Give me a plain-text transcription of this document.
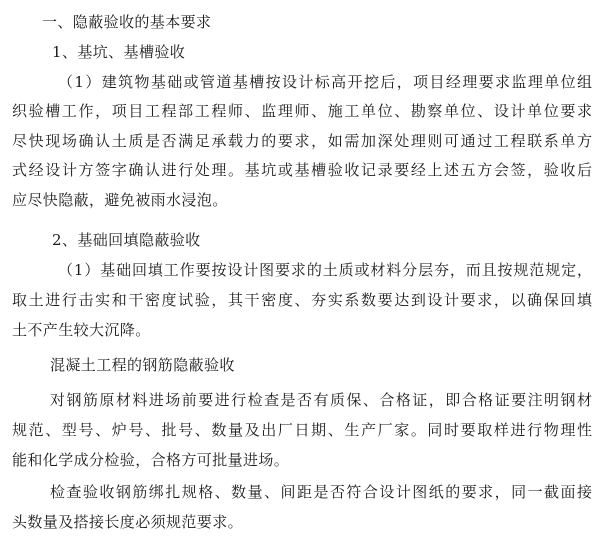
一、隐蔽验收的基本要求
1、基坑、基槽验收
（1）建筑物基础或管道基槽按设计标高开挖后，项目经理要求监理单位组
织验槽工作，项目工程部工程师、监理师、施工单位、勘察单位、设计单位要求
尽快现场确认土质是否满足承载力的要求，如需加深处理则可通过工程联系单方
式经设计方签字确认进行处理。基坑或基槽验收记录要经上述五方会签，验收后
应尽快隐蔽，避免被雨水浸泡。
2、基础回填隐蔽验收
（1）基础回填工作要按设计图要求的土质或材料分层夯，而且按规范规定，
取土进行击实和干密度试验，其干密度、夯实系数要达到设计要求，以确保回填
土不产生较大沉降。
混凝土工程的钢筋隐蔽验收
对钢筋原材料进场前要进行检查是否有质保、合格证，即合格证要注明钢材
规范、型号、炉号、批号、数量及出厂日期、生产厂家。同时要取样进行物理性
能和化学成分检验，合格方可批量进场。
检查验收钢筋绑扎规格、数量、间距是否符合设计图纸的要求，同一截面接
头数量及搭接长度必须规范要求。
